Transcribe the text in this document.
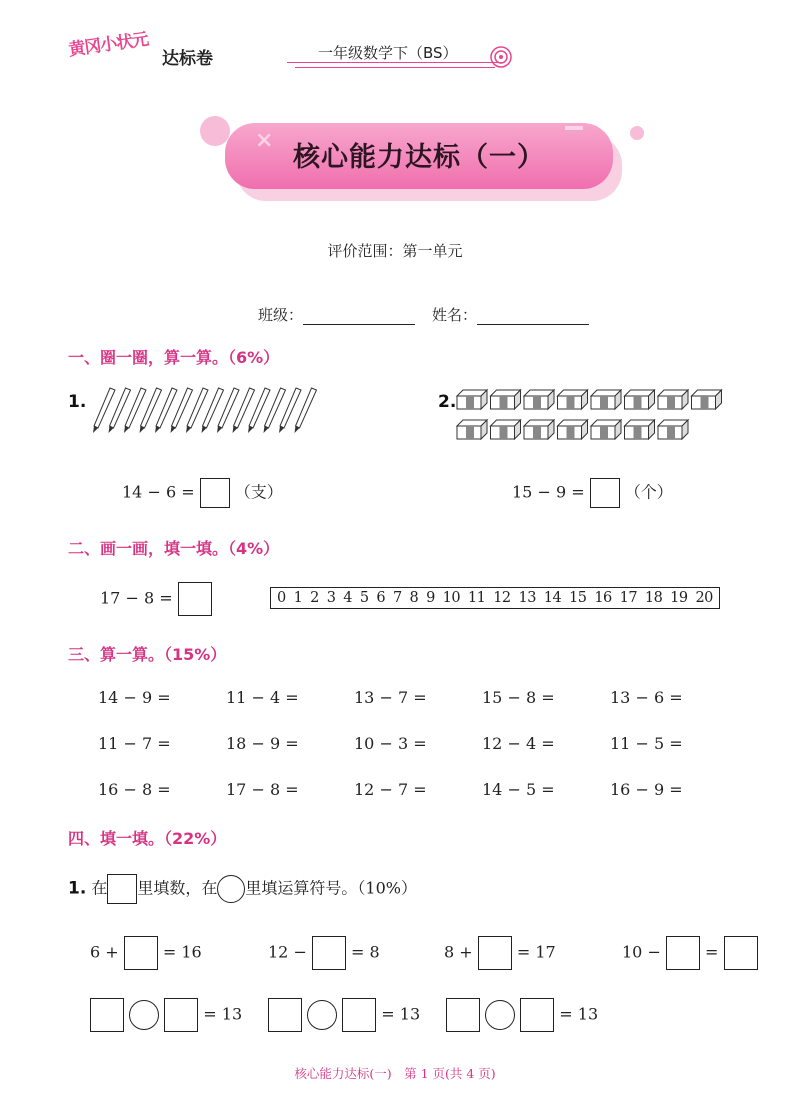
黄冈小状元 达标卷	一年级数学下（BS）
×
核心能力达标（一）
评价范围：第一单元
班级：	姓名：
一、圈一圈，算一算。（6%）
1.	2.
14 − 6 =	（支）	15 − 9 =	（个）
二、画一画，填一填。（4%）
17 − 8 =	0 1 2 3 4 5 6 7 8 9 10 11 12 13 14 15 16 17 18 19 20
三、算一算。（15%）
14 − 9 =	11 − 4 =	13 − 7 =	15 − 8 =	13 − 6 =
11 − 7 =	18 − 9 =	10 − 3 =	12 − 4 =	11 − 5 =
16 − 8 =	17 − 8 =	12 − 7 =	14 − 5 =	16 − 9 =
四、填一填。（22%）
1. 在 里填数，在 里填运算符号。（10%）
6 +	= 16	12 −	= 8	8 +	= 17	10 −	=
= 13	= 13	= 13
核心能力达标(一)　第 1 页(共 4 页)
